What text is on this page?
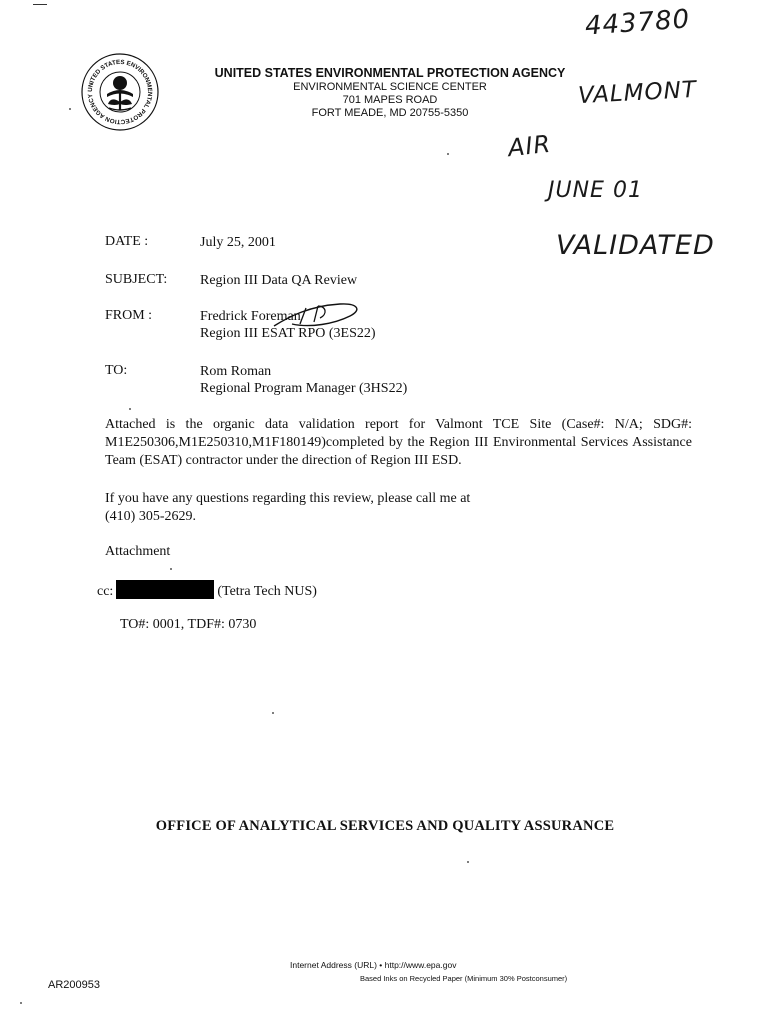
UNITED STATES ENVIRONMENTAL PROTECTION AGENCY
UNITED STATES ENVIRONMENTAL PROTECTION AGENCY
ENVIRONMENTAL SCIENCE CENTER
701 MAPES ROAD
FORT MEADE, MD 20755-5350
443780
VALMONT
AIR
JUNE 01
VALIDATED
DATE :	July 25, 2001
SUBJECT: Region III Data QA Review
FROM :	Fredrick Foreman
Region III ESAT RPO (3ES22)
TO:	Rom Roman
Regional Program Manager (3HS22)
Attached is the organic data validation report for Valmont TCE Site (Case#: N/A; SDG#: M1E250306,M1E250310,M1F180149)completed by the Region III Environmental Services Assistance Team (ESAT) contractor under the direction of Region III ESD.
If you have any questions regarding this review, please call me at
(410) 305-2629.
Attachment
cc:	(Tetra Tech NUS)
TO#: 0001, TDF#: 0730
OFFICE OF ANALYTICAL SERVICES AND QUALITY ASSURANCE
Internet Address (URL) • http://www.epa.gov
Based Inks on Recycled Paper (Minimum 30% Postconsumer)
AR200953
